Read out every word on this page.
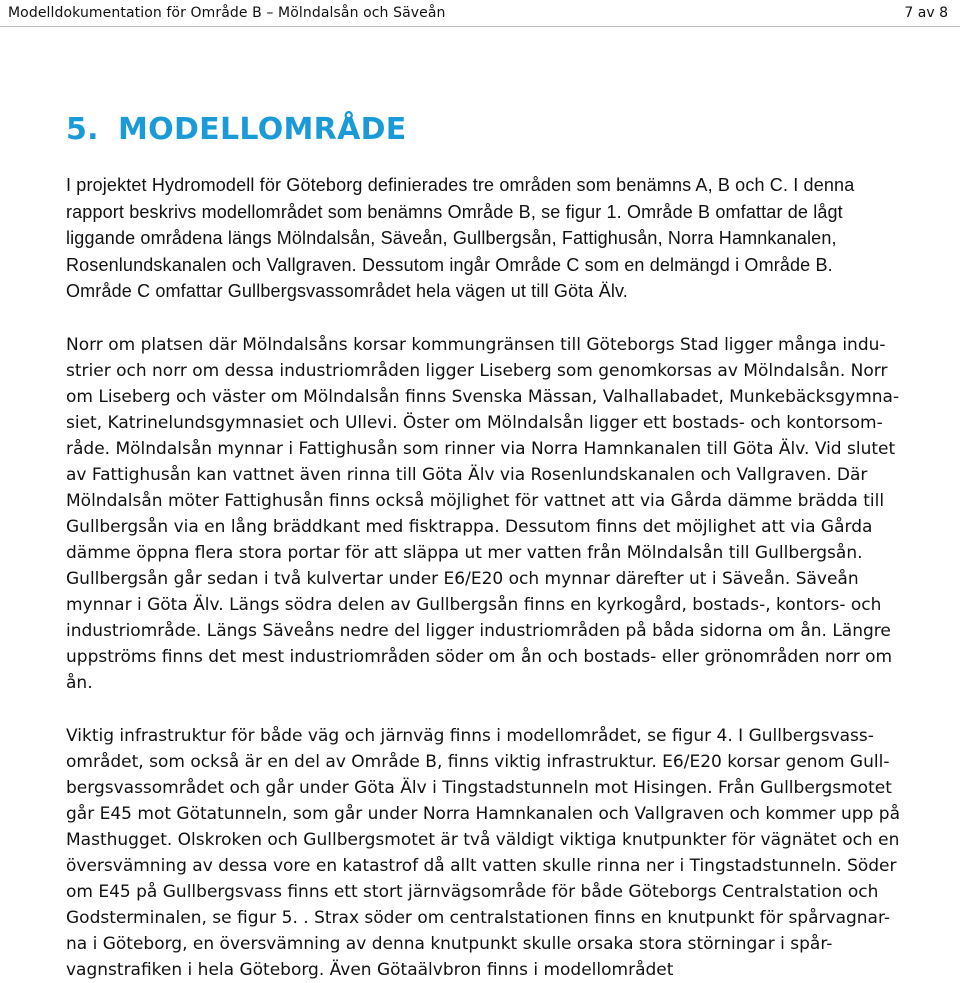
Modelldokumentation för Område B – Mölndalsån och Säveån	7 av 8
5. MODELLOMRÅDE

I projektet Hydromodell för Göteborg definierades tre områden som benämns A, B och C. I denna
rapport beskrivs modellområdet som benämns Område B, se figur 1. Område B omfattar de lågt
liggande områdena längs Mölndalsån, Säveån, Gullbergsån, Fattighusån, Norra Hamnkanalen,
Rosenlundskanalen och Vallgraven. Dessutom ingår Område C som en delmängd i Område B.
Område C omfattar Gullbergsvassområdet hela vägen ut till Göta Älv.

Norr om platsen där Mölndalsåns korsar kommungränsen till Göteborgs Stad ligger många indu-
strier och norr om dessa industriområden ligger Liseberg som genomkorsas av Mölndalsån. Norr
om Liseberg och väster om Mölndalsån finns Svenska Mässan, Valhallabadet, Munkebäcksgymna-
siet, Katrinelundsgymnasiet och Ullevi. Öster om Mölndalsån ligger ett bostads- och kontorsom-
råde. Mölndalsån mynnar i Fattighusån som rinner via Norra Hamnkanalen till Göta Älv. Vid slutet
av Fattighusån kan vattnet även rinna till Göta Älv via Rosenlundskanalen och Vallgraven. Där
Mölndalsån möter Fattighusån finns också möjlighet för vattnet att via Gårda dämme brädda till
Gullbergsån via en lång bräddkant med fisktrappa. Dessutom finns det möjlighet att via Gårda
dämme öppna flera stora portar för att släppa ut mer vatten från Mölndalsån till Gullbergsån.
Gullbergsån går sedan i två kulvertar under E6/E20 och mynnar därefter ut i Säveån. Säveån
mynnar i Göta Älv. Längs södra delen av Gullbergsån finns en kyrkogård, bostads-, kontors- och
industriområde. Längs Säveåns nedre del ligger industriområden på båda sidorna om ån. Längre
uppströms finns det mest industriområden söder om ån och bostads- eller grönområden norr om
ån.

Viktig infrastruktur för både väg och järnväg finns i modellområdet, se figur 4. I Gullbergsvass-
området, som också är en del av Område B, finns viktig infrastruktur. E6/E20 korsar genom Gull-
bergsvassområdet och går under Göta Älv i Tingstadstunneln mot Hisingen. Från Gullbergsmotet
går E45 mot Götatunneln, som går under Norra Hamnkanalen och Vallgraven och kommer upp på
Masthugget. Olskroken och Gullbergsmotet är två väldigt viktiga knutpunkter för vägnätet och en
översvämning av dessa vore en katastrof då allt vatten skulle rinna ner i Tingstadstunneln. Söder
om E45 på Gullbergsvass finns ett stort järnvägsområde för både Göteborgs Centralstation och
Godsterminalen, se figur 5. . Strax söder om centralstationen finns en knutpunkt för spårvagnar-
na i Göteborg, en översvämning av denna knutpunkt skulle orsaka stora störningar i spår-
vagnstrafiken i hela Göteborg. Även Götaälvbron finns i modellområdet
